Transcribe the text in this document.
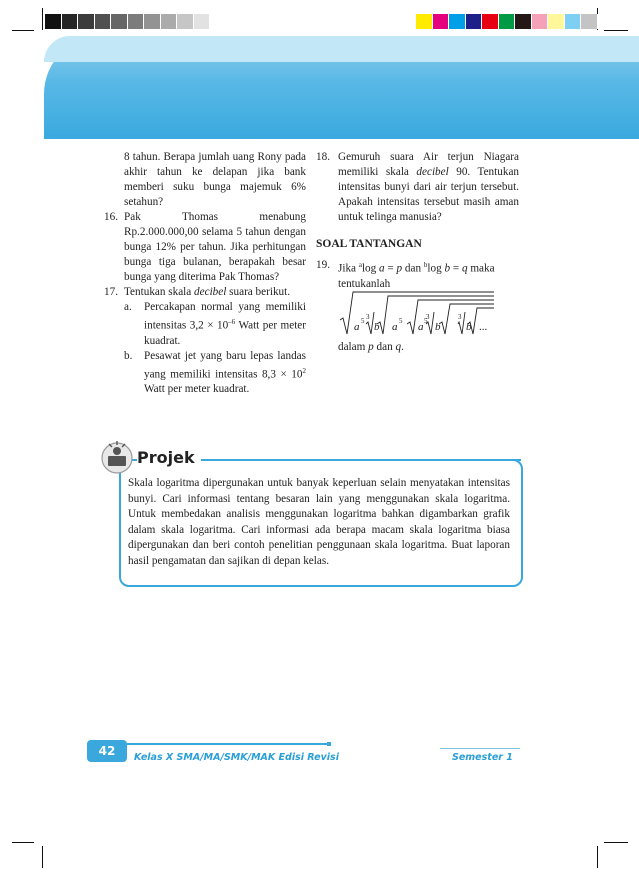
8 tahun. Berapa jumlah uang Rony pada akhir tahun ke delapan jika bank memberi suku bunga majemuk 6% setahun?
16. Pak Thomas menabung Rp.2.000.000,00 selama 5 tahun dengan bunga 12% per tahun. Jika perhitungan bunga tiga bulanan, berapakah besar bunga yang diterima Pak Thomas?
17. Tentukan skala decibel suara berikut.
a. Percakapan normal yang memiliki intensitas $3,2 \times 10^{-6}$ Watt per meter kuadrat.
b. Pesawat jet yang baru lepas landas yang memiliki intensitas $8,3 \times 10^2$ Watt per meter kuadrat.
18. Gemuruh suara Air terjun Niagara memiliki skala decibel 90. Tentukan intensitas bunyi dari air terjun tersebut. Apakah intensitas tersebut masih aman untuk telinga manusia?
SOAL TANTANGAN
19. Jika $^a$log a = p dan $^b$log b = q maka tentukanlah
a b a	b
a	...
b
5 3	5	3
5	3
dalam p dan q.
Projek
Skala logaritma dipergunakan untuk banyak keperluan selain menyatakan intensitas bunyi. Cari informasi tentang besaran lain yang menggunakan skala logaritma. Untuk membedakan analisis menggunakan logaritma bahkan digambarkan grafik dalam skala logaritma. Cari informasi ada berapa macam skala logaritma biasa dipergunakan dan beri contoh penelitian penggunaan skala logaritma. Buat laporan hasil pengamatan dan sajikan di depan kelas.
42	Kelas X SMA/MA/SMK/MAK Edisi Revisi	Semester 1
